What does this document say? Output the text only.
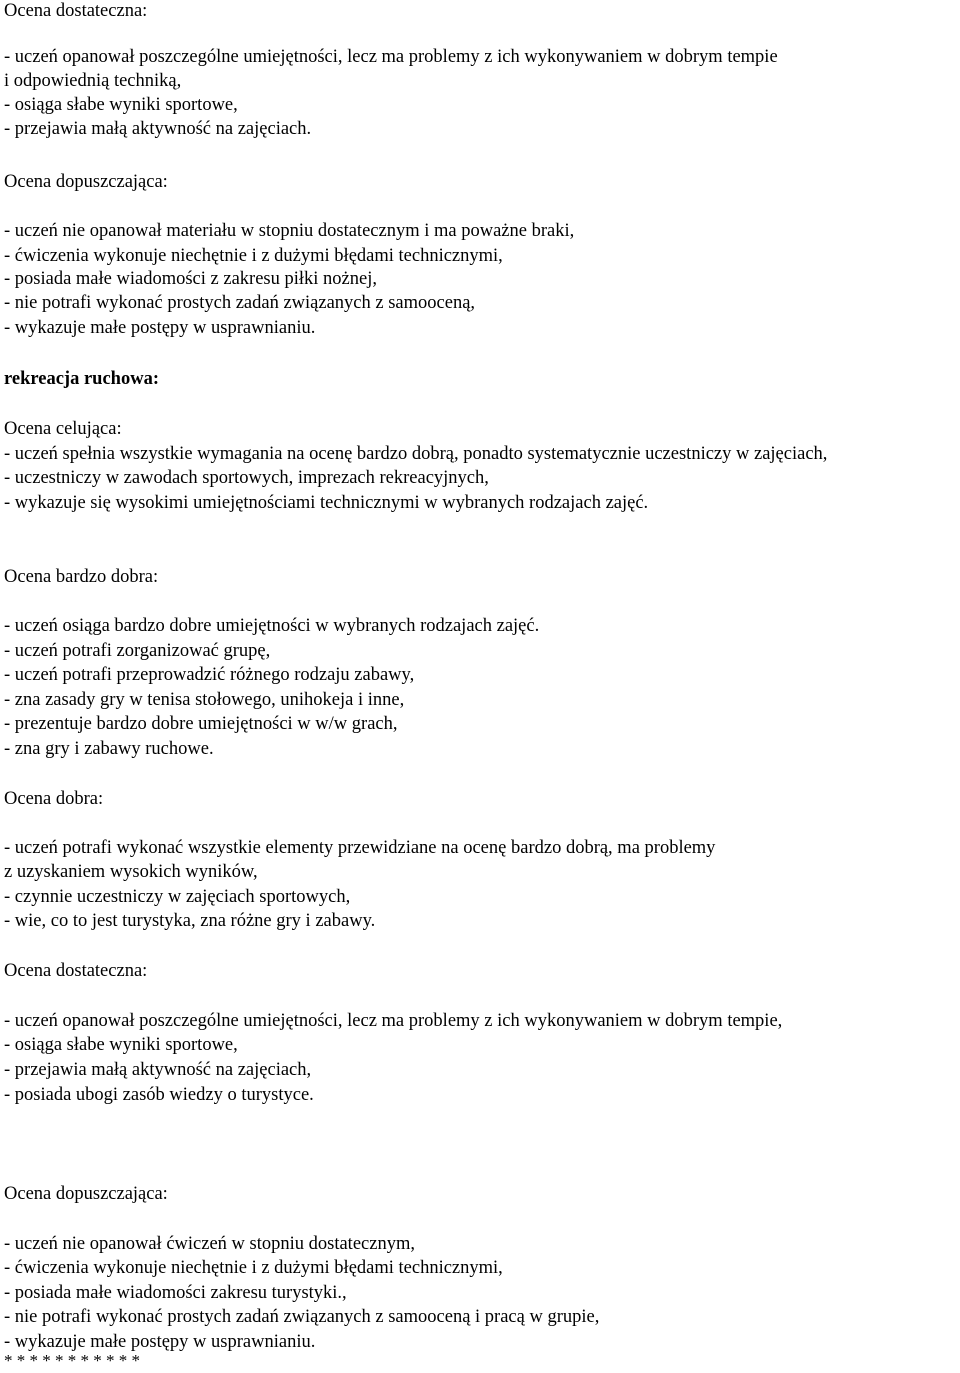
Ocena dostateczna:
- uczeń opanował poszczególne umiejętności, lecz ma problemy z ich wykonywaniem w dobrym tempie
i odpowiednią techniką,
- osiąga słabe wyniki sportowe,
- przejawia małą aktywność na zajęciach.
Ocena dopuszczająca:
- uczeń nie opanował materiału w stopniu dostatecznym i ma poważne braki,
- ćwiczenia wykonuje niechętnie i z dużymi błędami technicznymi,
- posiada małe wiadomości z zakresu piłki nożnej,
- nie potrafi wykonać prostych zadań związanych z samooceną,
- wykazuje małe postępy w usprawnianiu.
rekreacja ruchowa:
Ocena celująca:
- uczeń spełnia wszystkie wymagania na ocenę bardzo dobrą, ponadto systematycznie uczestniczy w zajęciach,
- uczestniczy w zawodach sportowych, imprezach rekreacyjnych,
- wykazuje się wysokimi umiejętnościami technicznymi w wybranych rodzajach zajęć.
Ocena bardzo dobra:
- uczeń osiąga bardzo dobre umiejętności w wybranych rodzajach zajęć.
- uczeń potrafi zorganizować grupę,
- uczeń potrafi przeprowadzić różnego rodzaju zabawy,
- zna zasady gry w tenisa stołowego, unihokeja i inne,
- prezentuje bardzo dobre umiejętności w w/w grach,
- zna gry i zabawy ruchowe.
Ocena dobra:
- uczeń potrafi wykonać wszystkie elementy przewidziane na ocenę bardzo dobrą, ma problemy
z uzyskaniem wysokich wyników,
- czynnie uczestniczy w zajęciach sportowych,
- wie, co to jest turystyka, zna różne gry i zabawy.
Ocena dostateczna:
- uczeń opanował poszczególne umiejętności, lecz ma problemy z ich wykonywaniem w dobrym tempie,
- osiąga słabe wyniki sportowe,
- przejawia małą aktywność na zajęciach,
- posiada ubogi zasób wiedzy o turystyce.
Ocena dopuszczająca:
- uczeń nie opanował ćwiczeń w stopniu dostatecznym,
- ćwiczenia wykonuje niechętnie i z dużymi błędami technicznymi,
- posiada małe wiadomości zakresu turystyki.,
- nie potrafi wykonać prostych zadań związanych z samooceną i pracą w grupie,
- wykazuje małe postępy w usprawnianiu.
* * * * * * * * * * *
